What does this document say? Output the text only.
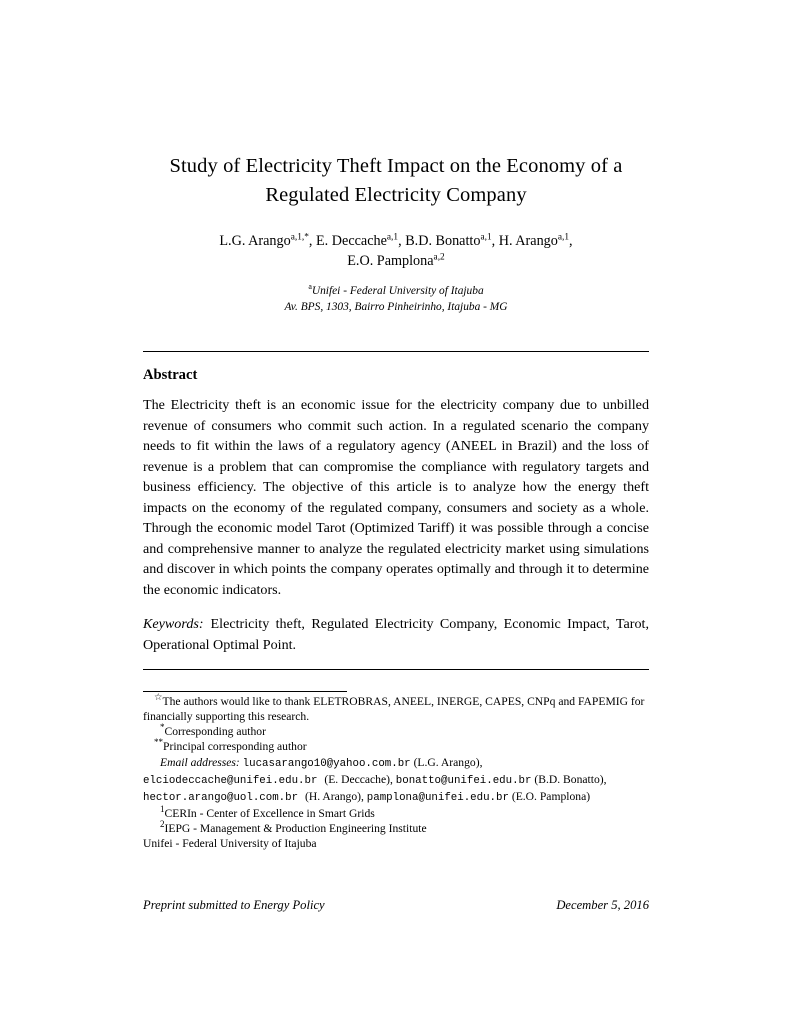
Study of Electricity Theft Impact on the Economy of a Regulated Electricity Company
L.G. Arango$^{a,1,*}$, E. Deccache$^{a,1}$, B.D. Bonatto$^{a,1}$, H. Arango$^{a,1}$,
E.O. Pamplona$^{a,2}$
$^a$Unifei - Federal University of Itajuba
Av. BPS, 1303, Bairro Pinheirinho, Itajuba - MG
Abstract

The Electricity theft is an economic issue for the electricity company due to unbilled revenue of consumers who commit such action. In a regulated scenario the company needs to fit within the laws of a regulatory agency (ANEEL in Brazil) and the loss of revenue is a problem that can compromise the compliance with regulatory targets and business efficiency. The objective of this article is to analyze how the energy theft impacts on the economy of the regulated company, consumers and society as a whole. Through the economic model Tarot (Optimized Tariff) it was possible through a concise and comprehensive manner to analyze the regulated electricity market using simulations and discover in which points the company operates optimally and through it to determine the economic indicators.

Keywords: Electricity theft, Regulated Electricity Company, Economic Impact, Tarot, Operational Optimal Point.

☆The authors would like to thank ELETROBRAS, ANEEL, INERGE, CAPES, CNPq and FAPEMIG for financially supporting this research.

*Corresponding author

**Principal corresponding author

Email addresses: lucasarango10@yahoo.com.br (L.G. Arango), elciodeccache@unifei.edu.br (E. Deccache), bonatto@unifei.edu.br (B.D. Bonatto), hector.arango@uol.com.br (H. Arango), pamplona@unifei.edu.br (E.O. Pamplona)

$^1$CERIn - Center of Excellence in Smart Grids

$^2$IEPG - Management & Production Engineering Institute

Unifei - Federal University of Itajuba

Preprint submitted to Energy Policy	December 5, 2016
